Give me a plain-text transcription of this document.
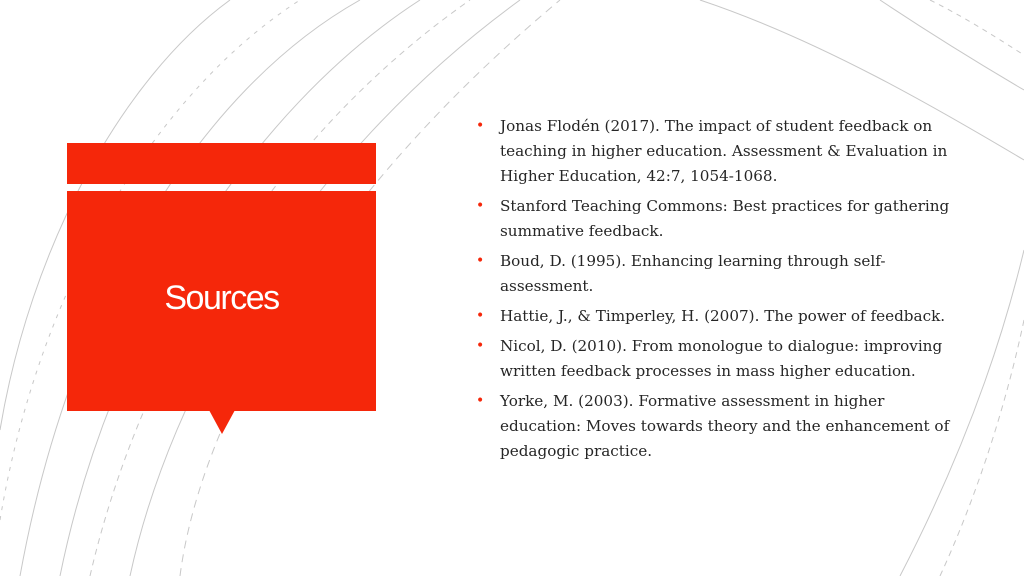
Sources
• Jonas Flodén (2017). The impact of student feedback on teaching in higher education. Assessment & Evaluation in Higher Education, 42:7, 1054-1068.
• Stanford Teaching Commons: Best practices for gathering summative feedback.
• Boud, D. (1995). Enhancing learning through self-assessment.
• Hattie, J., & Timperley, H. (2007). The power of feedback.
• Nicol, D. (2010). From monologue to dialogue: improving written feedback processes in mass higher education.
• Yorke, M. (2003). Formative assessment in higher education: Moves towards theory and the enhancement of pedagogic practice.
